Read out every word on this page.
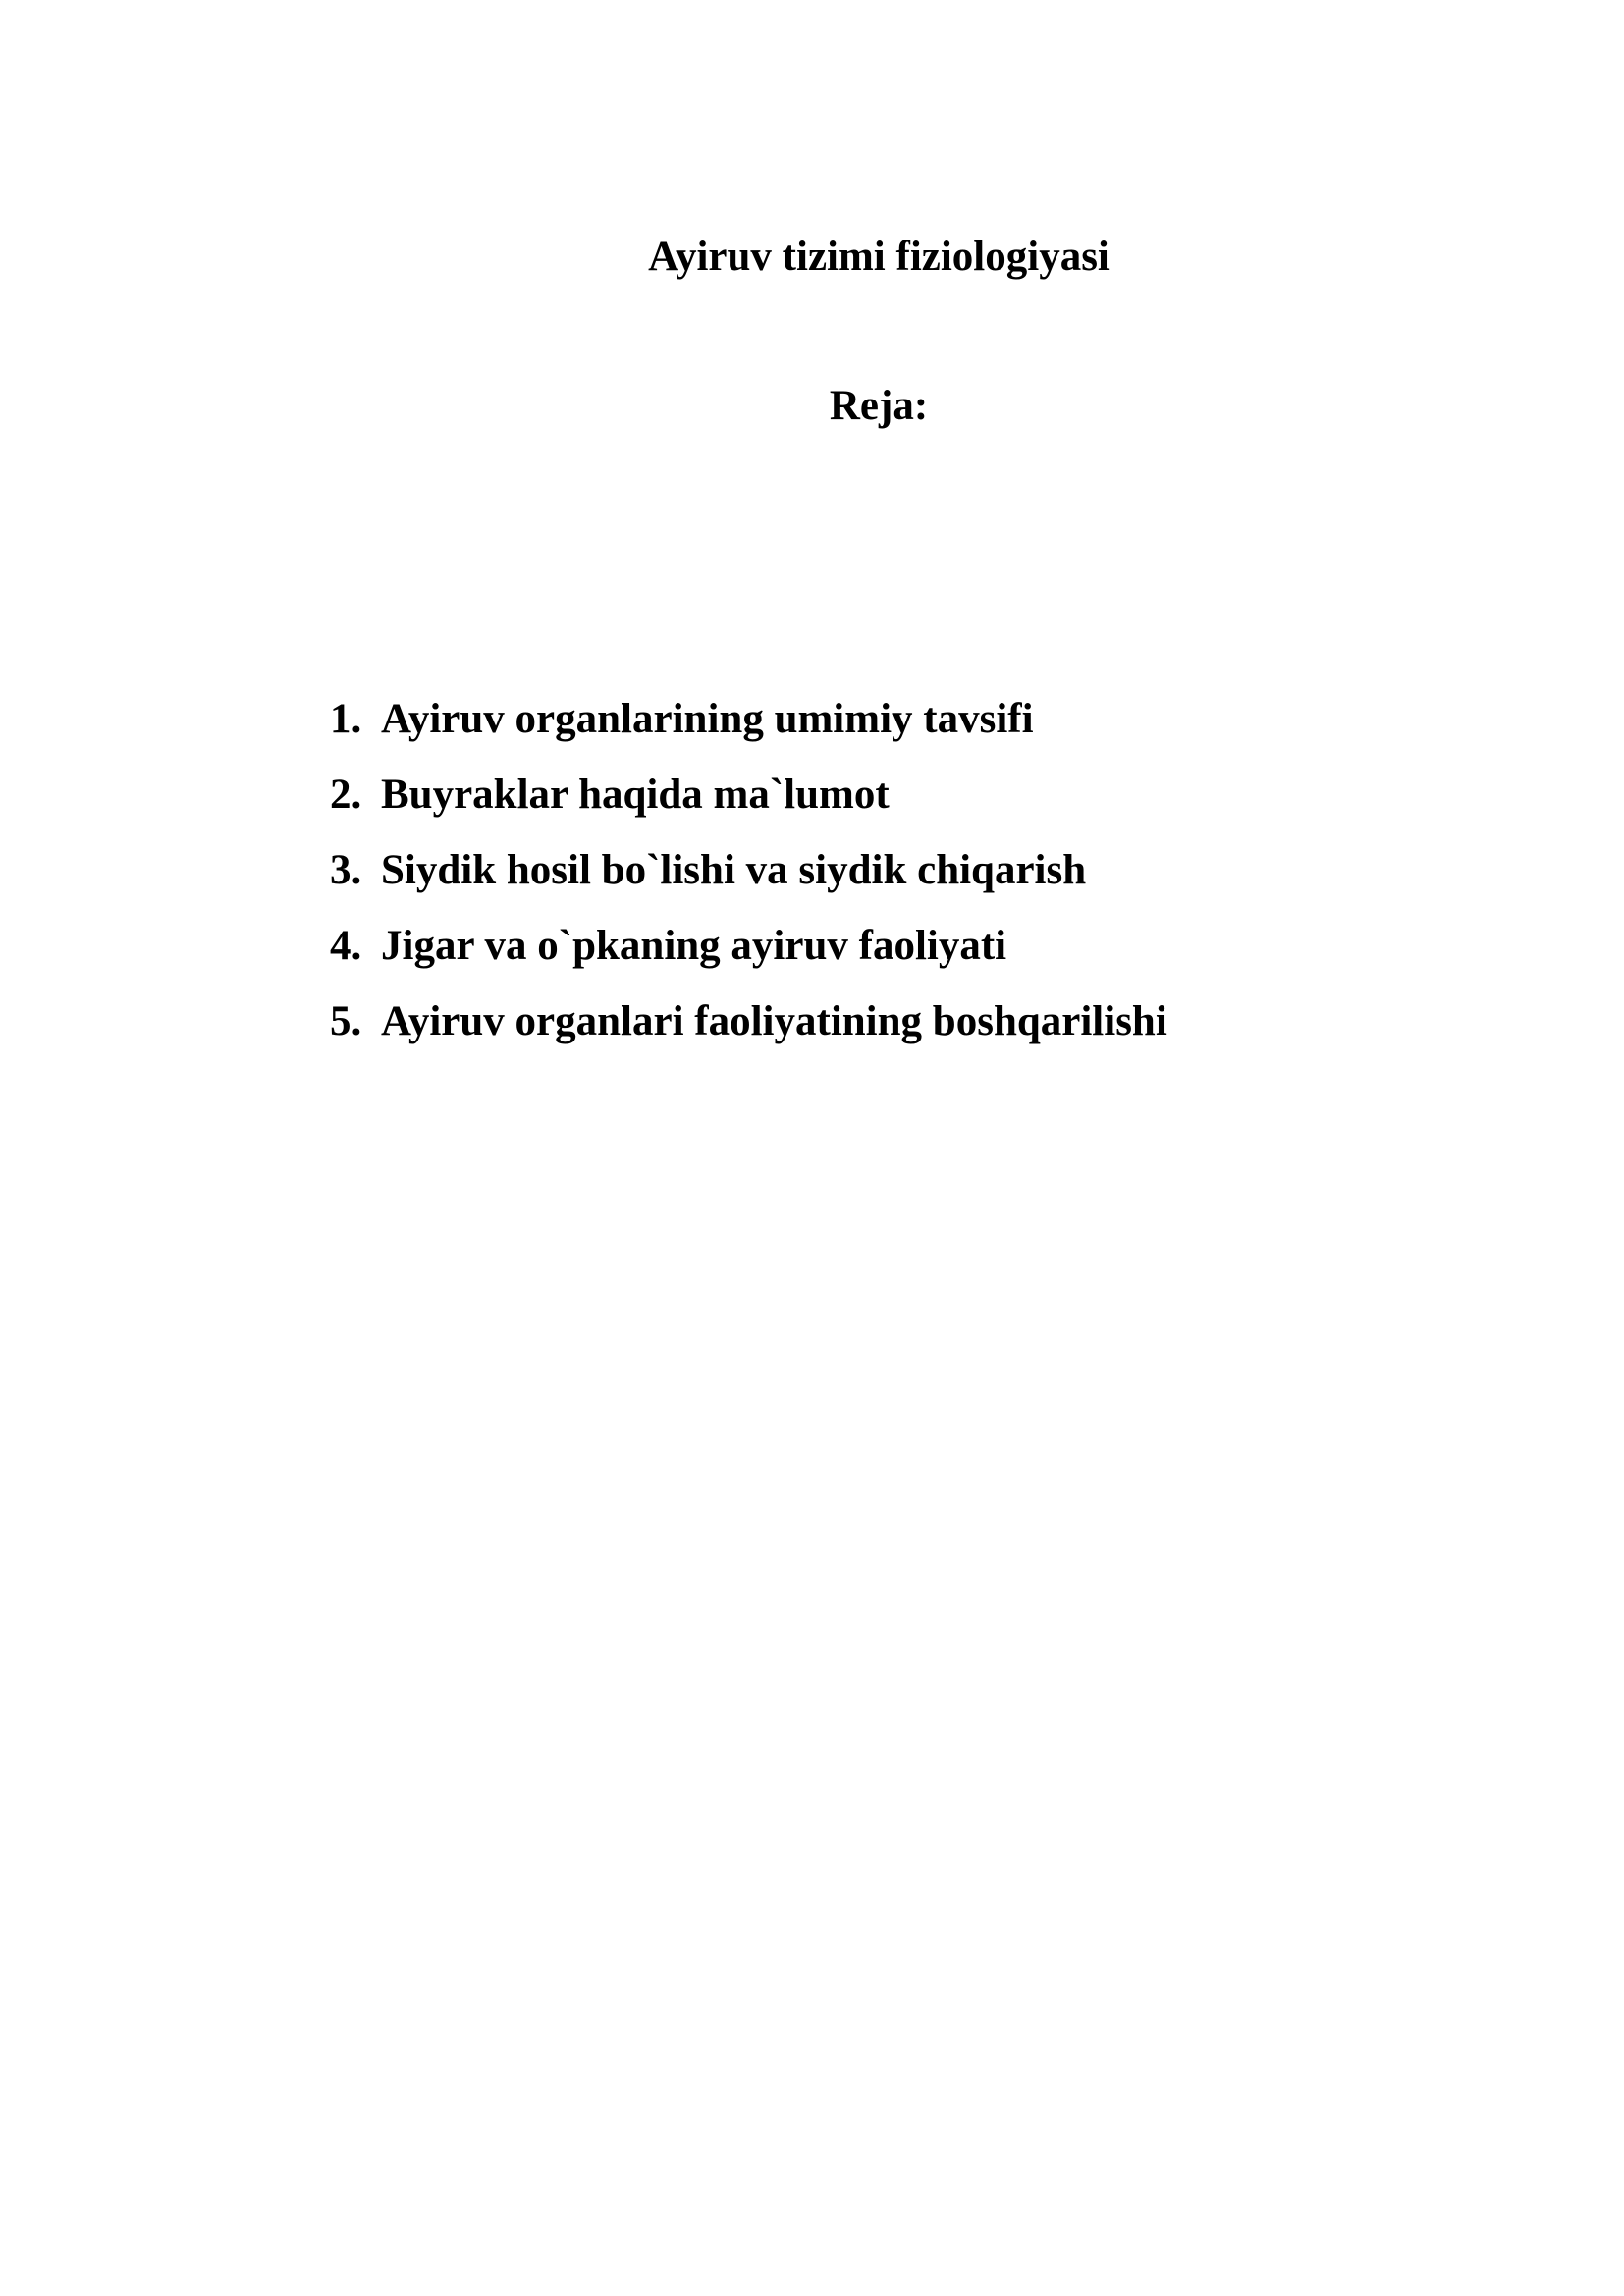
Ayiruv tizimi fiziologiyasi
Reja:
1. Ayiruv organlarining umimiy tavsifi
2. Buyraklar haqida ma`lumot
3. Siydik hosil bo`lishi va siydik chiqarish
4. Jigar va o`pkaning ayiruv faoliyati
5. Ayiruv organlari faoliyatining boshqarilishi
